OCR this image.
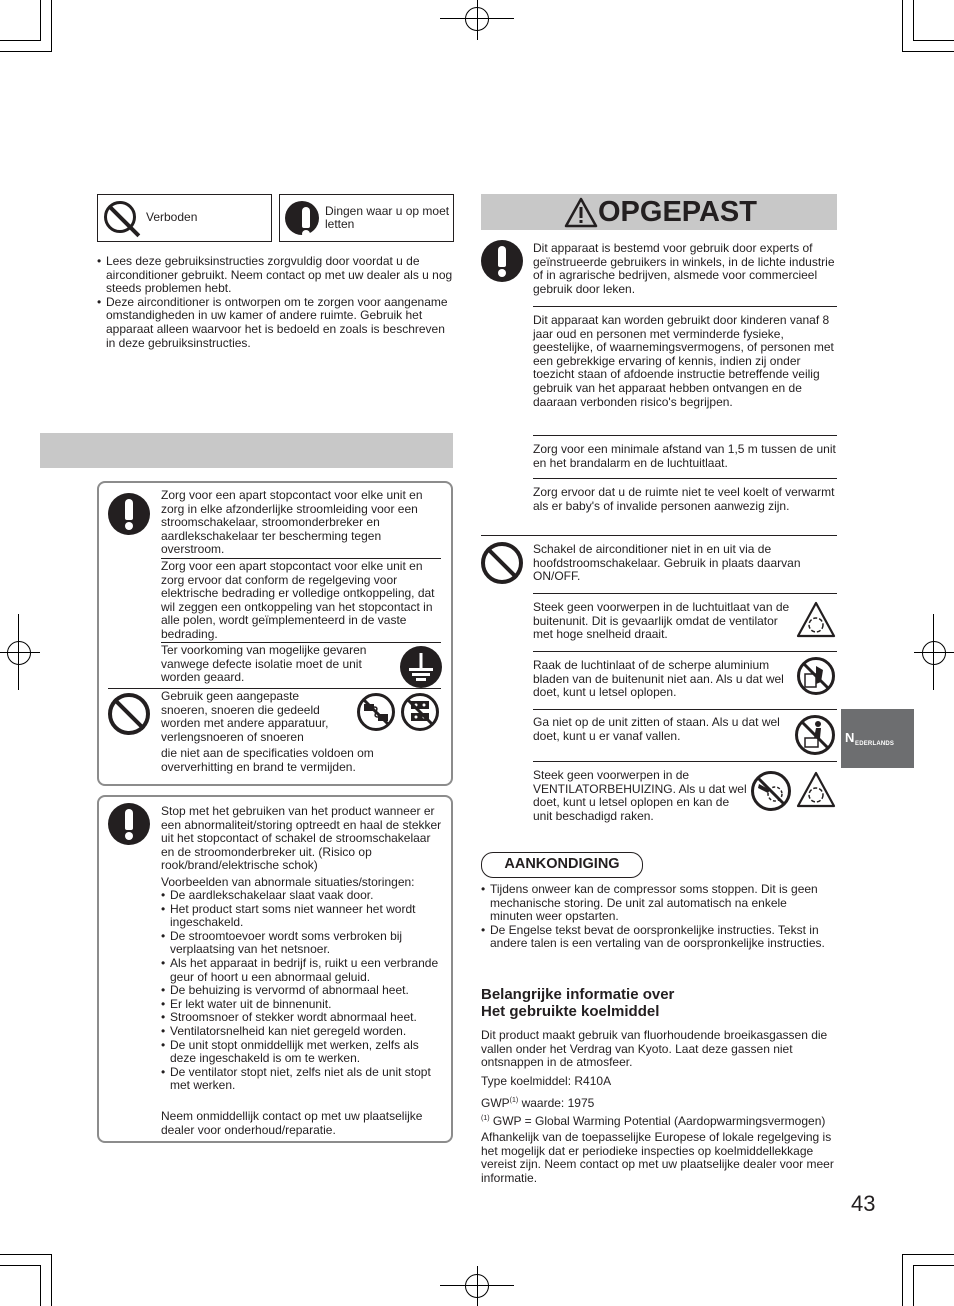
Verboden	Dingen waar u op moet letten
• Lees deze gebruiksinstructies zorgvuldig door voordat u de airconditioner gebruikt. Neem contact op met uw dealer als u nog steeds problemen hebt.
• Deze airconditioner is ontworpen om te zorgen voor aangename omstandigheden in uw kamer of andere ruimte. Gebruik het apparaat alleen waarvoor het is bedoeld en zoals is beschreven in deze gebruiksinstructies.
Zorg voor een apart stopcontact voor elke unit en zorg in elke afzonderlijke stroomleiding voor een stroomschakelaar, stroomonderbreker en aardlekschakelaar ter bescherming tegen overstroom.
Zorg voor een apart stopcontact voor elke unit en zorg ervoor dat conform de regelgeving voor elektrische bedrading er volledige ontkoppeling, dat wil zeggen een ontkoppeling van het stopcontact in alle polen, wordt geïmplementeerd in de vaste bedrading.
Ter voorkoming van mogelijke gevaren vanwege defecte isolatie moet de unit worden geaard.
Gebruik geen aangepaste snoeren, snoeren die gedeeld worden met andere apparatuur, verlengsnoeren of snoeren
die niet aan de specificaties voldoen om oververhitting en brand te vermijden.
Stop met het gebruiken van het product wanneer er een abnormaliteit/storing optreedt en haal de stekker uit het stopcontact of schakel de stroomschakelaar en de stroomonderbreker uit. (Risico op rook/brand/elektrische schok)
Voorbeelden van abnormale situaties/storingen:
• De aardlekschakelaar slaat vaak door.
• Het product start soms niet wanneer het wordt ingeschakeld.
• De stroomtoevoer wordt soms verbroken bij verplaatsing van het netsnoer.
• Als het apparaat in bedrijf is, ruikt u een verbrande geur of hoort u een abnormaal geluid.
• De behuizing is vervormd of abnormaal heet.
• Er lekt water uit de binnenunit.
• Stroomsnoer of stekker wordt abnormaal heet.
• Ventilatorsnelheid kan niet geregeld worden.
• De unit stopt onmiddellijk met werken, zelfs als deze ingeschakeld is om te werken.
• De ventilator stopt niet, zelfs niet als de unit stopt met werken.
Neem onmiddellijk contact op met uw plaatselijke dealer voor onderhoud/reparatie.
OPGEPAST
Dit apparaat is bestemd voor gebruik door experts of geïnstrueerde gebruikers in winkels, in de lichte industrie of in agrarische bedrijven, alsmede voor commercieel gebruik door leken.
Dit apparaat kan worden gebruikt door kinderen vanaf 8 jaar oud en personen met verminderde fysieke, geestelijke, of waarnemingsvermogens, of personen met een gebrekkige ervaring of kennis, indien zij onder toezicht staan of afdoende instructie betreffende veilig gebruik van het apparaat hebben ontvangen en de daaraan verbonden risico's begrijpen.
Zorg voor een minimale afstand van 1,5 m tussen de unit en het brandalarm en de luchtuitlaat.
Zorg ervoor dat u de ruimte niet te veel koelt of verwarmt als er baby's of invalide personen aanwezig zijn.
Schakel de airconditioner niet in en uit via de hoofdstroomschakelaar. Gebruik in plaats daarvan ON/OFF.
Steek geen voorwerpen in de luchtuitlaat van de buitenunit. Dit is gevaarlijk omdat de ventilator met hoge snelheid draait.
Raak de luchtinlaat of de scherpe aluminium bladen van de buitenunit niet aan. Als u dat wel doet, kunt u letsel oplopen.
Ga niet op de unit zitten of staan. Als u dat wel doet, kunt u er vanaf vallen.
Steek geen voorwerpen in de VENTILATORBEHUIZING. Als u dat wel doet, kunt u letsel oplopen en kan de unit beschadigd raken.
AANKONDIGING
• Tijdens onweer kan de compressor soms stoppen. Dit is geen mechanische storing. De unit zal automatisch na enkele minuten weer opstarten.
• De Engelse tekst bevat de oorspronkelijke instructies. Tekst in andere talen is een vertaling van de oorspronkelijke instructies.
Belangrijke informatie over
Het gebruikte koelmiddel
Dit product maakt gebruik van fluorhoudende broeikasgassen die vallen onder het Verdrag van Kyoto. Laat deze gassen niet ontsnappen in de atmosfeer.
Type koelmiddel: R410A
GWP$^{(1)}$ waarde: 1975
$^{(1)}$ GWP = Global Warming Potential (Aardopwarmingsvermogen)
Afhankelijk van de toepasselijke Europese of lokale regelgeving is het mogelijk dat er periodieke inspecties op koelmiddellekkage vereist zijn. Neem contact op met uw plaatselijke dealer voor meer informatie.
N EDERLANDS
43
